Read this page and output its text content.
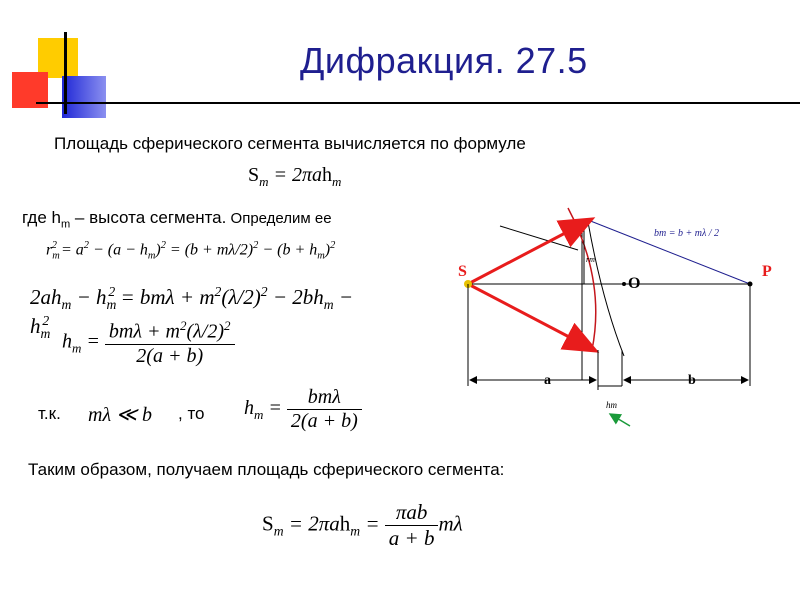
Дифракция. 27.5
Площадь сферического сегмента вычисляется по формуле
$S_m = 2\pi ah_m$
где $h_m$ – высота сегмента. Определим ее
$r_m^2 = a^2 - (a - h_m)^2 = (b + m\lambda/2)^2 - (b + h_m)^2$
$2ah_m - h_m^2 = bm\lambda + m^2(\lambda/2)^2 - 2bh_m - h_m^2$
$h_m = \frac{bm\lambda + m^2(\lambda/2)^2}{2(a + b)}$
т.к. mλ ≪ b , то $h_m = \frac{\text{bmλ}}{2(a + b)}$
Таким образом, получаем площадь сферического сегмента:
$S_m = 2\pi ah_m = \frac{\text{πab}}{a + b}$ mλ
S
O
P
a	b
bm = b + mλ / 2
rm
hm
